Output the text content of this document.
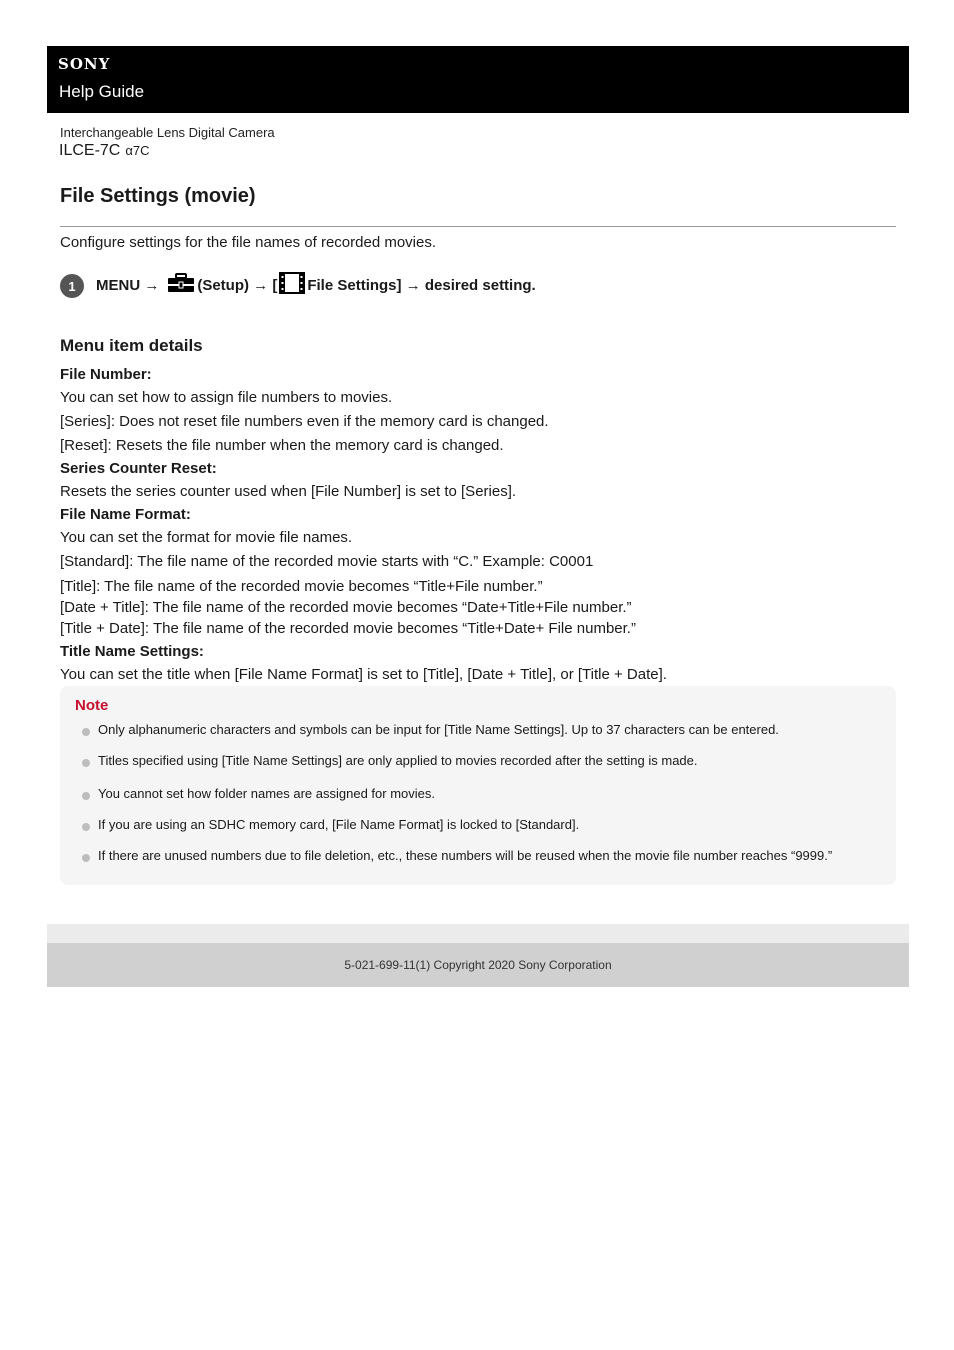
SONY
Help Guide
Interchangeable Lens Digital Camera
ILCE-7C α7C
File Settings (movie)
Configure settings for the file names of recorded movies.
1	MENU →	(Setup) → [ File Settings] → desired setting.
Menu item details
File Number:
You can set how to assign file numbers to movies.
[Series]: Does not reset file numbers even if the memory card is changed.
[Reset]: Resets the file number when the memory card is changed.
Series Counter Reset:
Resets the series counter used when [File Number] is set to [Series].
File Name Format:
You can set the format for movie file names.
[Standard]: The file name of the recorded movie starts with “C.” Example: C0001
[Title]: The file name of the recorded movie becomes “Title+File number.”
[Date + Title]: The file name of the recorded movie becomes “Date+Title+File number.”
[Title + Date]: The file name of the recorded movie becomes “Title+Date+ File number.”
Title Name Settings:
You can set the title when [File Name Format] is set to [Title], [Date + Title], or [Title + Date].
Note
Only alphanumeric characters and symbols can be input for [Title Name Settings]. Up to 37 characters can be entered.
Titles specified using [Title Name Settings] are only applied to movies recorded after the setting is made.
You cannot set how folder names are assigned for movies.
If you are using an SDHC memory card, [File Name Format] is locked to [Standard].
If there are unused numbers due to file deletion, etc., these numbers will be reused when the movie file number reaches “9999.”
5-021-699-11(1) Copyright 2020 Sony Corporation
